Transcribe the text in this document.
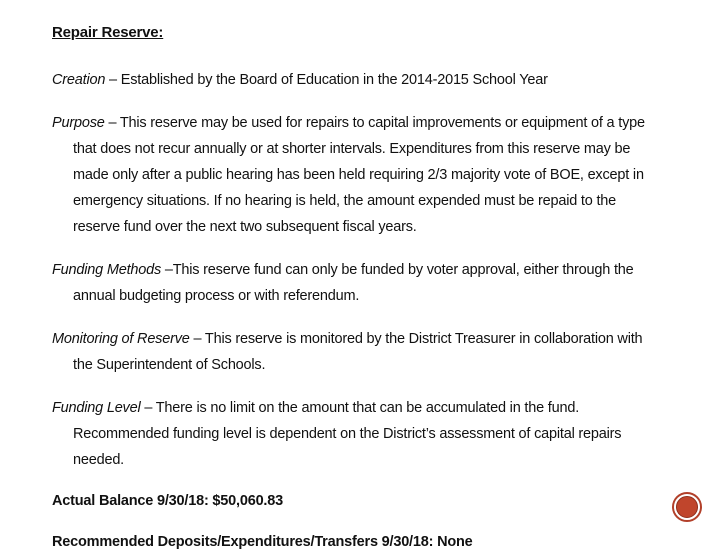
Repair Reserve:

Creation – Established by the Board of Education in the 2014-2015 School Year

Purpose – This reserve may be used for repairs to capital improvements or equipment of a type that does not recur annually or at shorter intervals. Expenditures from this reserve may be made only after a public hearing has been held requiring 2/3 majority vote of BOE, except in emergency situations. If no hearing is held, the amount expended must be repaid to the reserve fund over the next two subsequent fiscal years.

Funding Methods –This reserve fund can only be funded by voter approval, either through the annual budgeting process or with referendum.

Monitoring of Reserve – This reserve is monitored by the District Treasurer in collaboration with the Superintendent of Schools.

Funding Level – There is no limit on the amount that can be accumulated in the fund. Recommended funding level is dependent on the District’s assessment of capital repairs needed.

Actual Balance 9/30/18: $50,060.83

Recommended Deposits/Expenditures/Transfers 9/30/18: None
